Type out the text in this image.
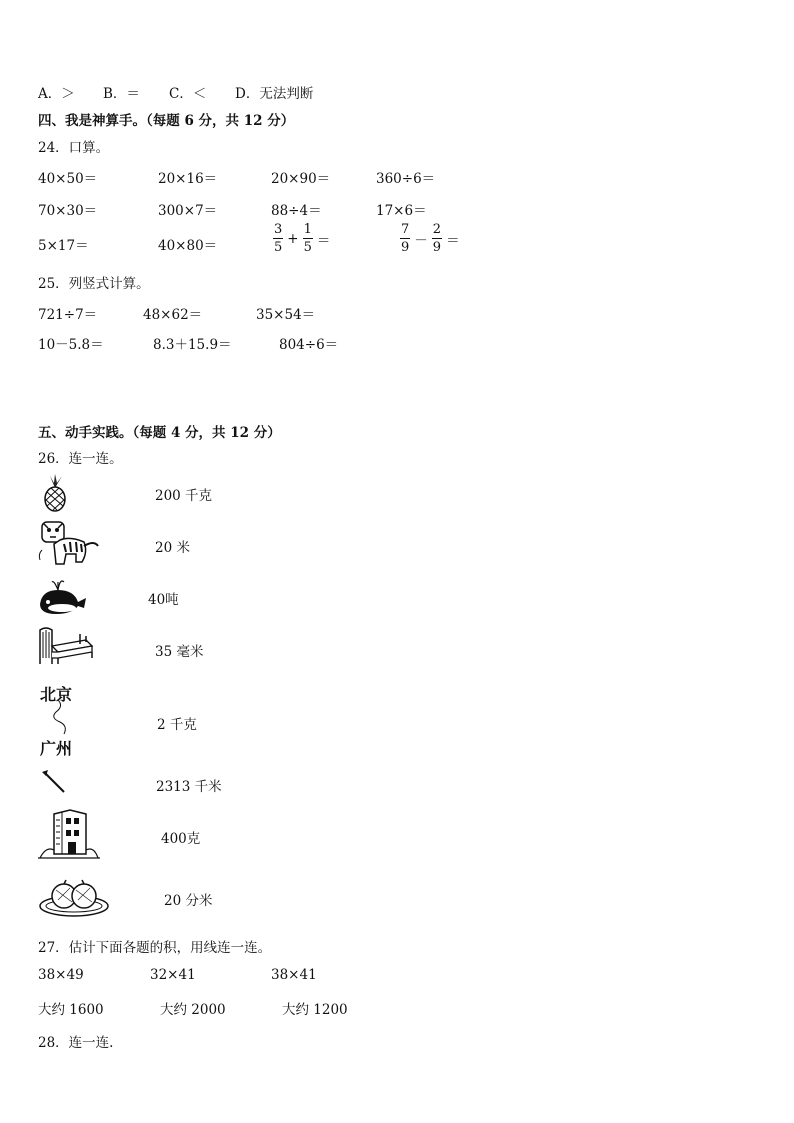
A．＞ B．＝ C．＜ D．无法判断
四、我是神算手。（每题 6 分，共 12 分）
24．口算。
40×50＝	20×16＝	20×90＝	360÷6＝
70×30＝	300×7＝	88÷4＝	17×6＝
5×17＝	40×80＝	$\frac{3}{5} + \frac{1}{5}$ ＝	$\frac{7}{9} - \frac{2}{9}$ ＝
25．列竖式计算。
721÷7＝	48×62＝	35×54＝
10－5.8＝	8.3＋15.9＝	804÷6＝
五、动手实践。（每题 4 分，共 12 分）
26．连一连。
200 千克
20 米
40吨
35 毫米
北京
广州
2 千克
2313 千米
400克
20 分米
27．估计下面各题的积，用线连一连。
38×49	32×41	38×41
大约 1600	大约 2000	大约 1200
28．连一连.
